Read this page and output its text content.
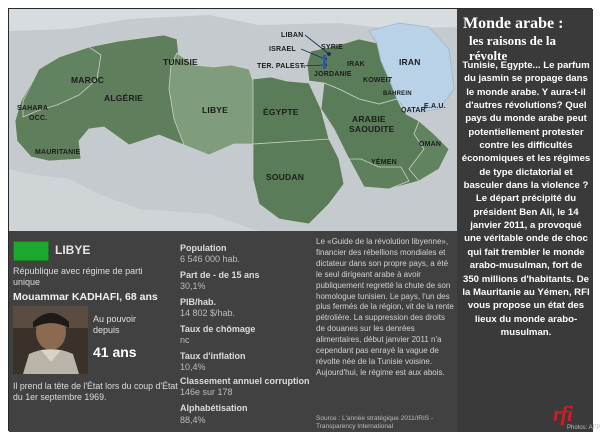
MAROC
ALGÉRIE
TUNISIE
LIBYE	ÉGYPTE
SOUDAN
SAHARA
OCC.
MAURITANIE
LIBAN
ISRAEL
TER. PALEST.
SYRIE
JORDANIE
IRAK	IRAN
KOWEIT
BAHREIN
QATAR
E.A.U.
ARABIE
SAOUDITE
OMAN
YÉMEN
Monde arabe :
les raisons de la révolte
Tunisie, Egypte... Le parfum du jasmin se propage dans le monde arabe. Y aura-t-il d'autres révolutions? Quel pays du monde arabe peut potentiellement protester contre les difficultés économiques et les régimes de type dictatorial et basculer dans la violence ? Le départ précipité du président Ben Ali, le 14 janvier 2011, a provoqué une véritable onde de choc qui fait trembler le monde arabo-musulman, fort de 350 millions d'habitants. De la Mauritanie au Yémen, RFI vous propose un état des lieux du monde arabo-musulman.
rfi
Photos: AFP
LIBYE
République avec régime de parti unique
Mouammar KADHAFI, 68 ans
Au pouvoir depuis
41 ans
Il prend la tête de l'État lors du coup d'État du 1er septembre 1969.
Population
6 546 000 hab.
Part de - de 15 ans
30,1%
PIB/hab.
14 802 $/hab.
Taux de chômage
nc
Taux d'inflation
10,4%
Classement annuel corruption
146e sur 178
Alphabétisation
88,4%
Le «Guide de la révolution libyenne», financier des rébellions mondiales et dictateur dans son propre pays, a été le seul dirigeant arabe à avoir publiquement regretté la chute de son homologue tunisien. Le pays, l'un des plus fermés de la région, vit de la rente pétrolière. La suppression des droits de douanes sur les denrées alimentaires, début janvier 2011 n'a cependant pas enrayé la vague de révolte née de la Tunisie voisine. Aujourd'hui, le régime est aux abois.
Source : L'année stratégique 2011/IRIS - Transparency International
